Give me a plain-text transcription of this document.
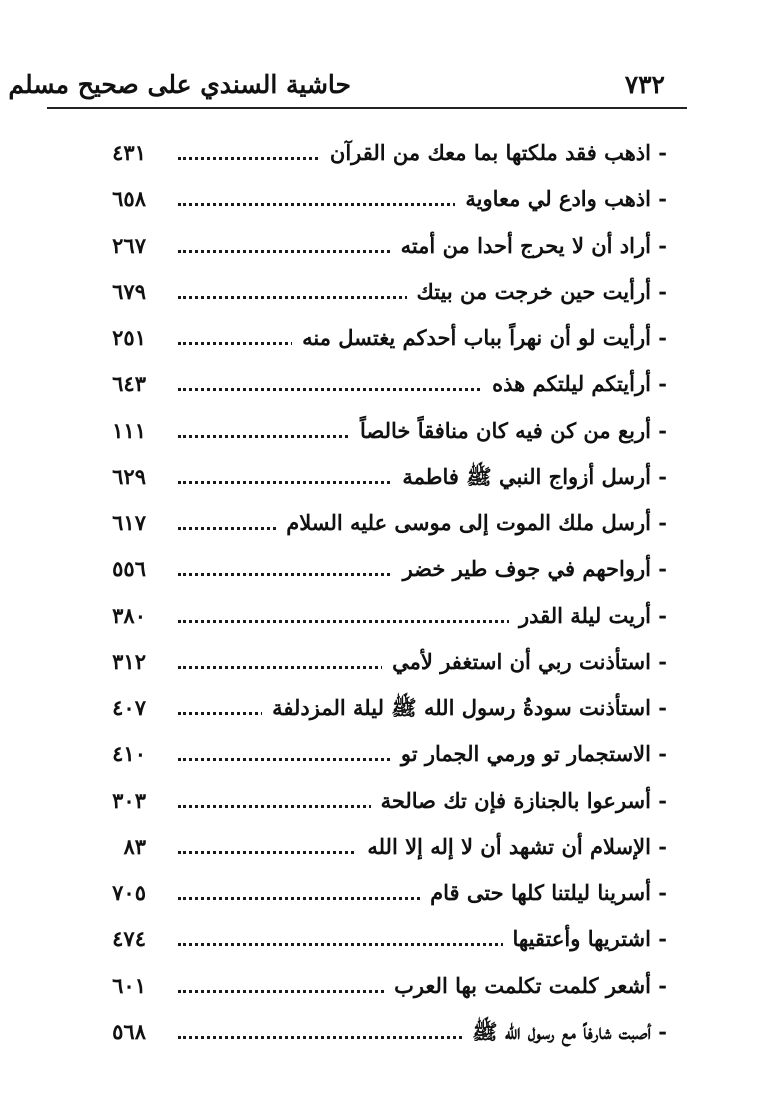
حاشية السندي على صحيح مسلم	٧٣٢
- اذهب فقد ملكتها بما معك من القرآن
٤٣١
- اذهب وادع لي معاوية
٦٥٨
- أراد أن لا يحرج أحدا من أمته
٢٦٧
- أرأيت حين خرجت من بيتك
٦٧٩
- أرأيت لو أن نهراً بباب أحدكم يغتسل منه
٢٥١
- أرأيتكم ليلتكم هذه
٦٤٣
- أربع من كن فيه كان منافقاً خالصاً
١١١
- أرسل أزواج النبي ﷺ فاطمة
٦٢٩
- أرسل ملك الموت إلى موسى عليه السلام
٦١٧
- أرواحهم في جوف طير خضر
٥٥٦
- أريت ليلة القدر
٣٨٠
- استأذنت ربي أن استغفر لأمي
٣١٢
- استأذنت سودةُ رسول الله ﷺ ليلة المزدلفة
٤٠٧
- الاستجمار تو ورمي الجمار تو
٤١٠
- أسرعوا بالجنازة فإن تك صالحة
٣٠٣
- الإسلام أن تشهد أن لا إله إلا الله
٨٣
- أسرينا ليلتنا كلها حتى قام
٧٠٥
- اشتريها وأعتقيها
٤٧٤
- أشعر كلمت تكلمت بها العرب
٦٠١
- أصبت شارفاً مع رسول الله ﷺ
٥٦٨
